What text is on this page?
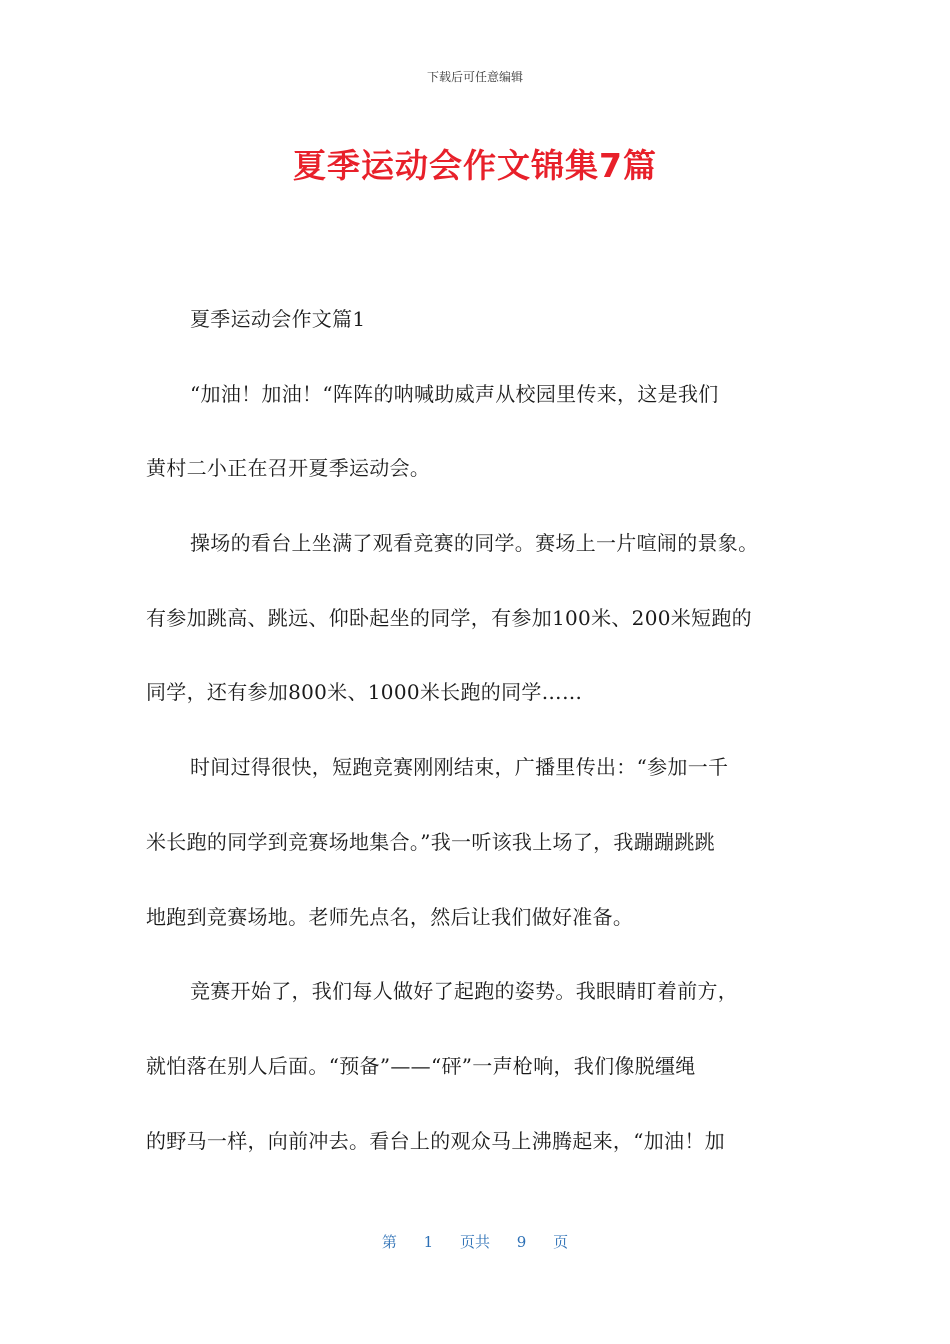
下载后可任意编辑
夏季运动会作文锦集7篇
夏季运动会作文篇1
“加油！加油！“阵阵的呐喊助威声从校园里传来，这是我们
黄村二小正在召开夏季运动会。
操场的看台上坐满了观看竞赛的同学。赛场上一片喧闹的景象。
有参加跳高、跳远、仰卧起坐的同学，有参加100米、200米短跑的
同学，还有参加800米、1000米长跑的同学……
时间过得很快，短跑竞赛刚刚结束，广播里传出：“参加一千
米长跑的同学到竞赛场地集合。”我一听该我上场了，我蹦蹦跳跳
地跑到竞赛场地。老师先点名，然后让我们做好准备。
竞赛开始了，我们每人做好了起跑的姿势。我眼睛盯着前方，
就怕落在别人后面。“预备”——“砰”一声枪响，我们像脱缰绳
的野马一样，向前冲去。看台上的观众马上沸腾起来，“加油！加
第 1 页共 9 页
